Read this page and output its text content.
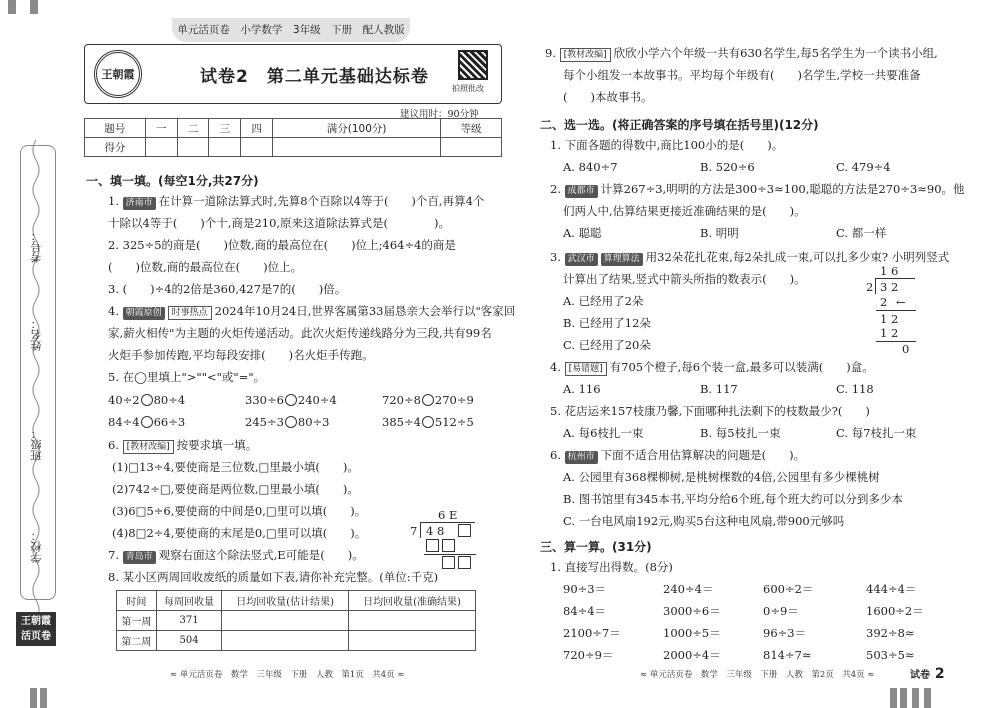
考号：
姓名：
班级：
学校：
王朝霞
活页卷
单元活页卷　小学数学　3年级　下册　配人教版
王朝霞	试卷2　第二单元基础达标卷
拍照批改
建议用时：90分钟
题号	一	二	三	四	满分(100分)	等级
得分						
一、填一填。(每空1分,共27分)
1. 济南市 在计算一道除法算式时,先算8个百除以4等于(　　)个百,再算4个
十除以4等于(　　)个十,商是210,原来这道除法算式是(　　　　)。
2. 325÷5的商是(　　)位数,商的最高位在(　　)位上;464÷4的商是
(　　)位数,商的最高位在(　　)位上。
3. (　　)÷4的2倍是360,427是7的(　　)倍。
4. 朝霞原创 时事热点 2024年10月24日,世界客属第33届恳亲大会举行以"客家回
家,薪火相传"为主题的火炬传递活动。此次火炬传递线路分为三段,共有99名
火炬手参加传跑,平均每段安排(　　)名火炬手传跑。
5. 在◯里填上">""<"或"="。
40÷2 80÷4	330÷6 240÷4	720÷8 270÷9
84÷4 66÷3	245÷3 80÷3	385÷4 512÷5
6. [教材改编] 按要求填一填。
(1)□13÷4,要使商是三位数,□里最小填(　　)。
(2)742÷□,要使商是两位数,□里最小填(　　)。
(3)6□5÷6,要使商的中间是0,□里可以填(　　)。
(4)8□2÷4,要使商的末尾是0,□里可以填(　　)。
7. 青岛市 观察右面这个除法竖式,E可能是(　　)。
6 E
7 4 8
8. 某小区两周回收废纸的质量如下表,请你补充完整。(单位:千克)
时间	每周回收量	日均回收量(估计结果)	日均回收量(准确结果)
第一周	371		
第二周	504		
≈ 单元活页卷　数学　三年级　下册　人教　第1页　共4页 ≈
9. [教材改编] 欣欣小学六个年级一共有630名学生,每5名学生为一个读书小组,
每个小组发一本故事书。平均每个年级有(　　)名学生,学校一共要准备
(　　)本故事书。
二、选一选。(将正确答案的序号填在括号里)(12分)
1. 下面各题的得数中,商比100小的是(　　)。
A. 840÷7	B. 520÷6	C. 479÷4
2. 成都市 计算267÷3,明明的方法是300÷3≈100,聪聪的方法是270÷3≈90。他
们两人中,估算结果更接近准确结果的是(　　)。
A. 聪聪	B. 明明	C. 都一样
3. 武汉市 算理算法 用32朵花扎花束,每2朵扎成一束,可以扎多少束? 小明列竖式
计算出了结果,竖式中箭头所指的数表示(　　)。
A. 已经用了2朵
B. 已经用了12朵
C. 已经用了20朵
1 6
2 3 2
2 ←
1 2
1 2
0
4. [易错题] 有705个橙子,每6个装一盒,最多可以装满(　　)盒。
A. 116	B. 117	C. 118
5. 花店运来157枝康乃馨,下面哪种扎法剩下的枝数最少?(　　)
A. 每6枝扎一束	B. 每5枝扎一束	C. 每7枝扎一束
6. 杭州市 下面不适合用估算解决的问题是(　　)。
A. 公园里有368棵柳树,是桃树棵数的4倍,公园里有多少棵桃树
B. 图书馆里有345本书,平均分给6个班,每个班大约可以分到多少本
C. 一台电风扇192元,购买5台这种电风扇,带900元够吗
三、算一算。(31分)
1. 直接写出得数。(8分)
90÷3＝	240÷4＝	600÷2＝	444÷4＝
84÷4＝	3000÷6＝	0÷9＝	1600÷2＝
2100÷7＝	1000÷5＝	96÷3＝	392÷8≈
720÷9＝	2000÷4＝	814÷7≈	503÷5≈
≈ 单元活页卷　数学　三年级　下册　人教　第2页　共4页 ≈	试卷 2
